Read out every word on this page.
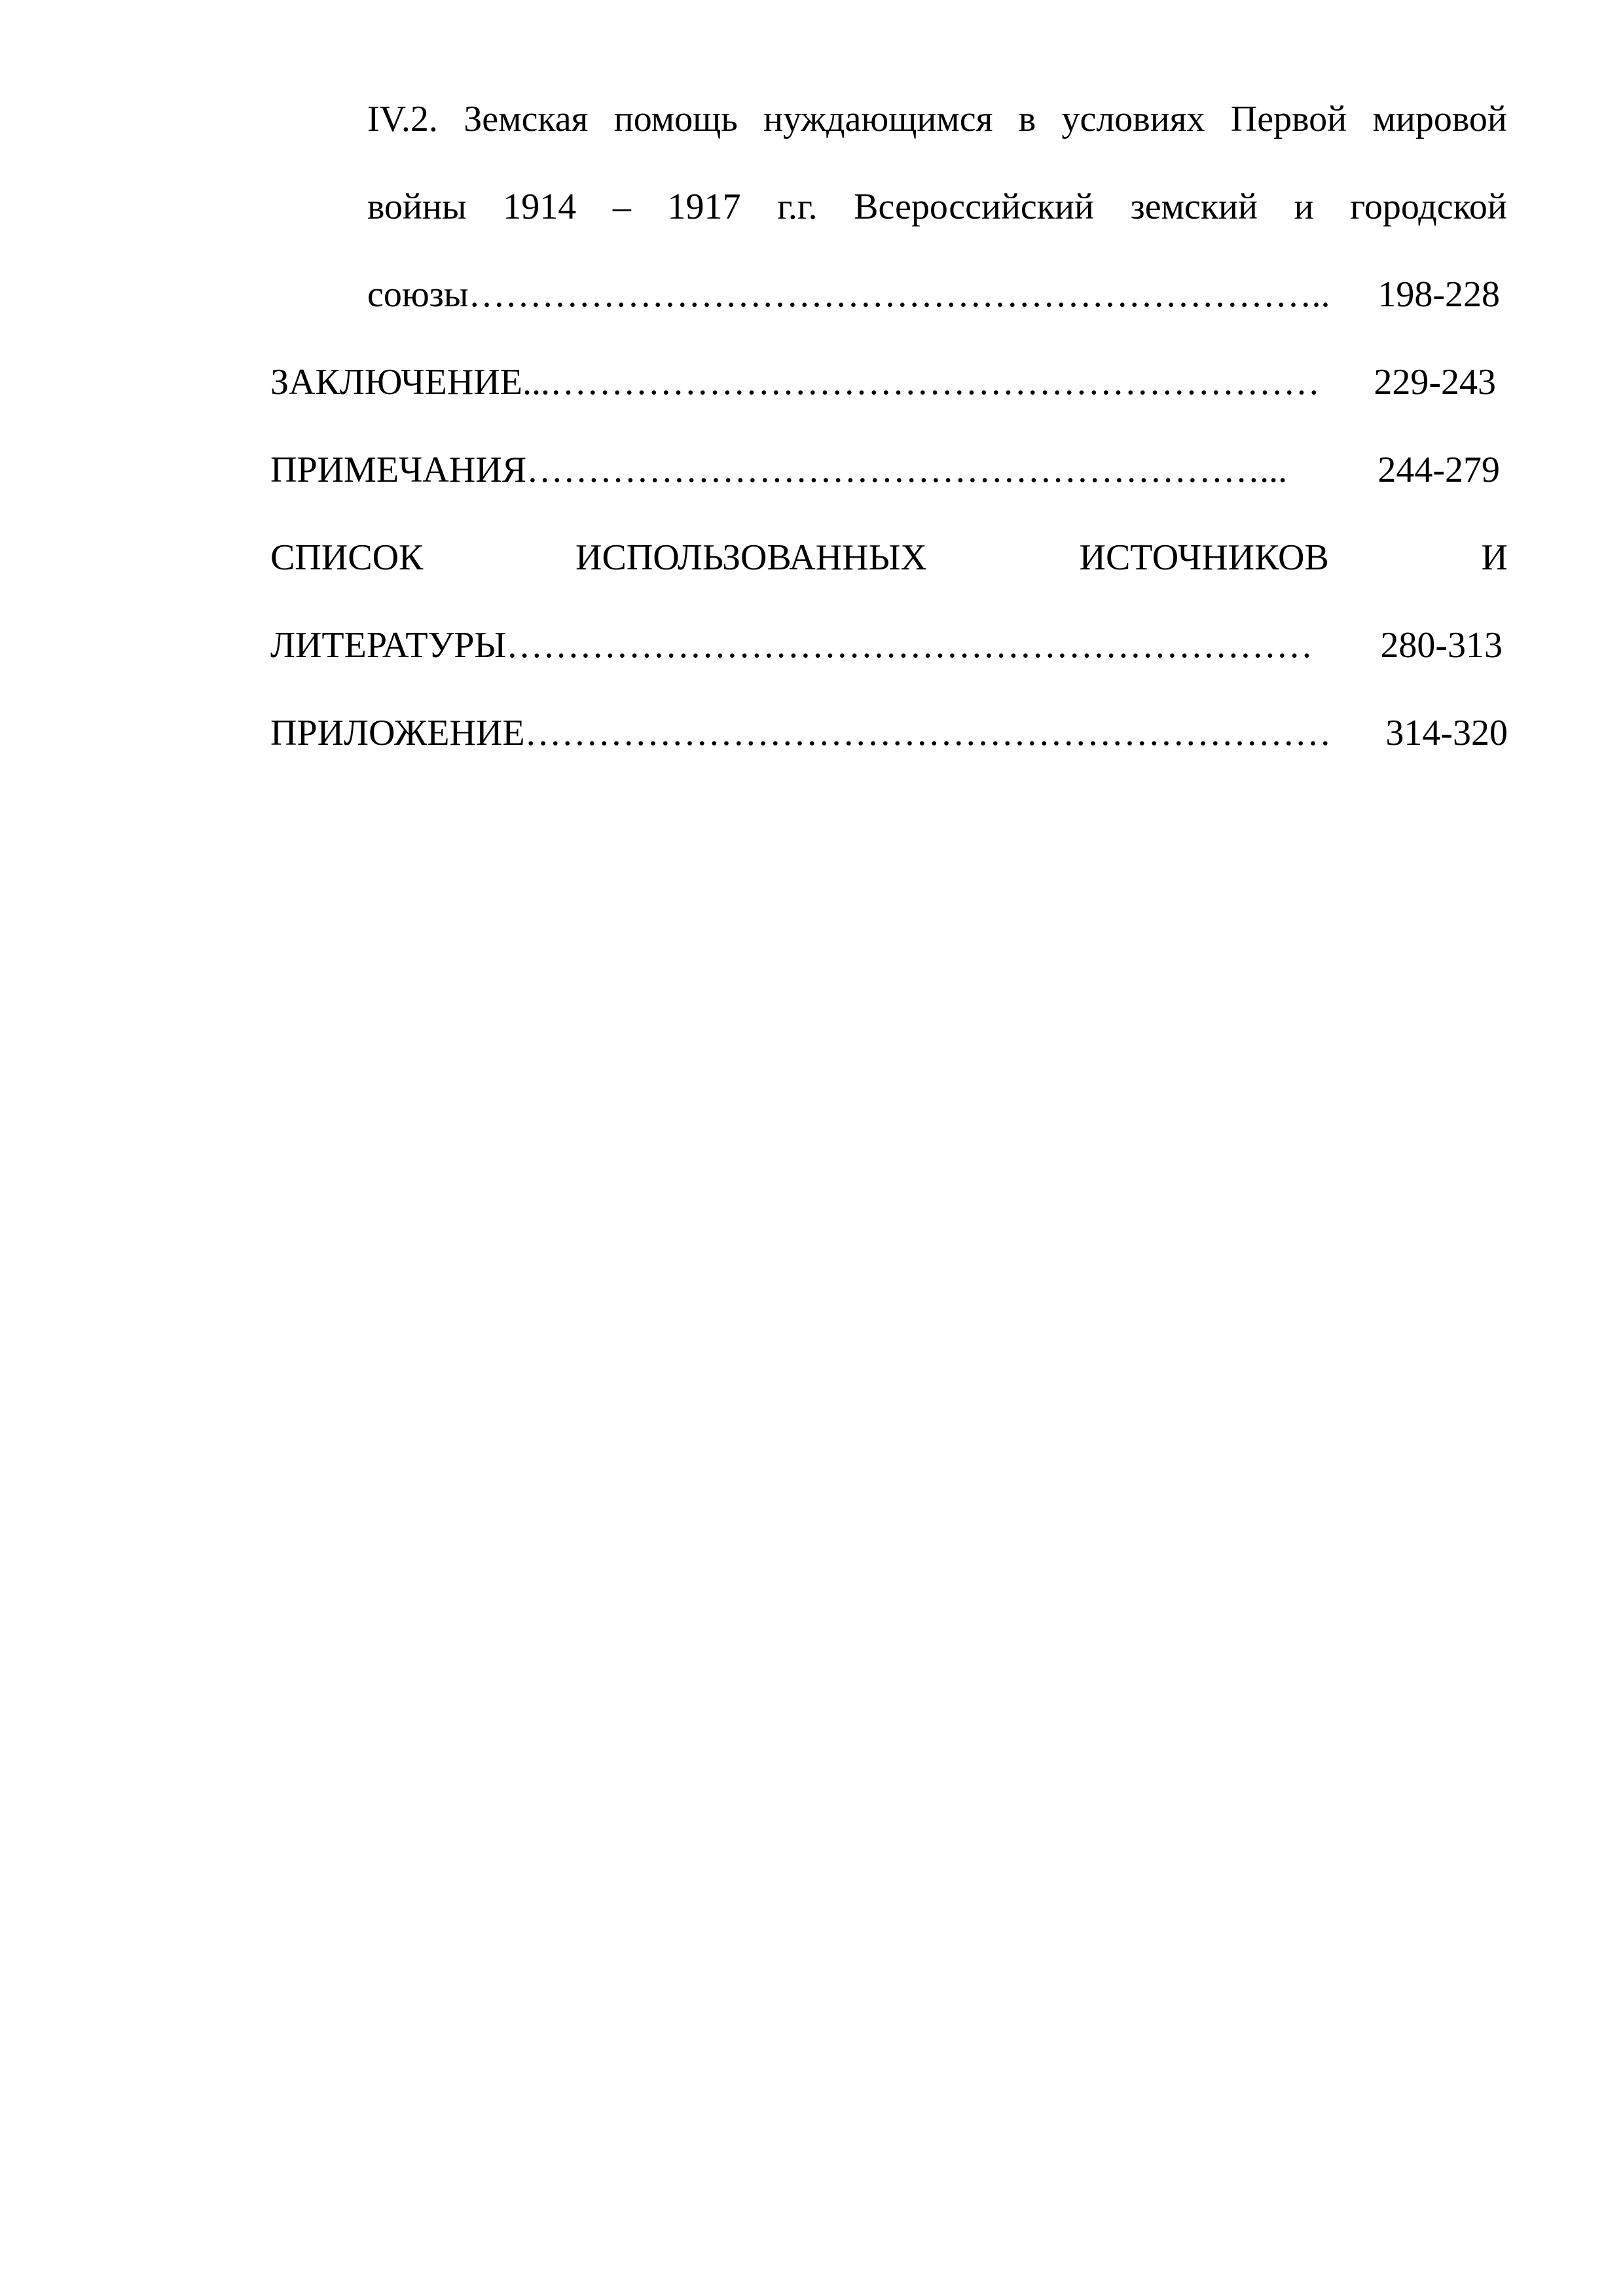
IV.2. Земская помощь нуждающимся в условиях Первой мировой
войны 1914 – 1917 г.г. Всероссийский земский и городской
союзы ……………………………………………………………..	198-228
ЗАКЛЮЧЕНИЕ ...………………………………………………………	229-243
ПРИМЕЧАНИЯ ……………………………………………………...	244-279
СПИСОК	ИСПОЛЬЗОВАННЫХ	ИСТОЧНИКОВ	И
ЛИТЕРАТУРЫ …………………………………………………………	280-313
ПРИЛОЖЕНИЕ …………………………………………………………	314-320
